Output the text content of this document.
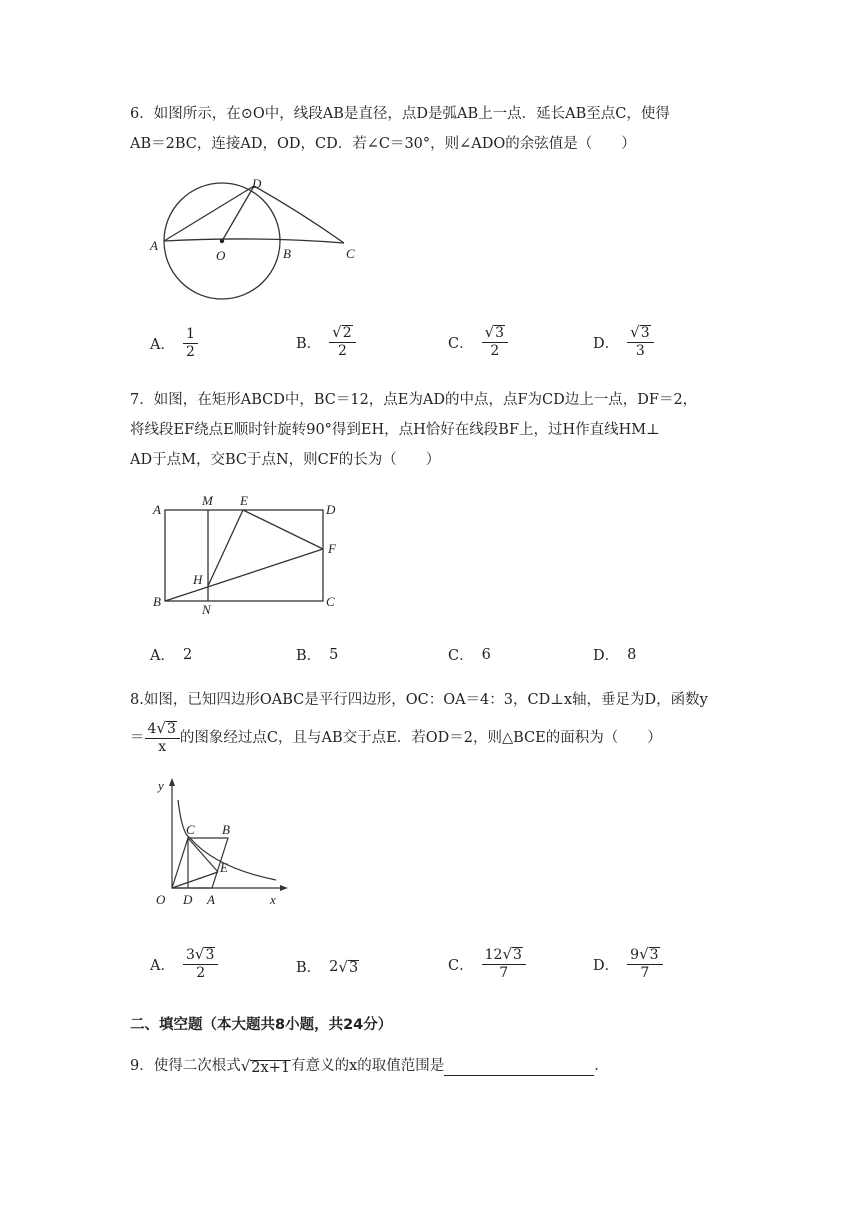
6．如图所示，在⊙O中，线段AB是直径，点D是弧AB上一点．延长AB至点C，使得
AB＝2BC，连接AD，OD，CD．若∠C＝30°，则∠ADO的余弦值是（　　）
A
O	B	C
D
A． $\frac{1}{2}$	B． $\frac{√ 2}{2}$	C． $\frac{√ 3}{2}$	D． $\frac{√ 3}{3}$
7．如图，在矩形ABCD中，BC＝12，点E为AD的中点，点F为CD边上一点，DF＝2，
将线段EF绕点E顺时针旋转90°得到EH，点H恰好在线段BF上，过H作直线HM⊥
AD于点M，交BC于点N，则CF的长为（　　）
A
M E
D
F
H
B
N
C
A． 2	B． 5	C． 6	D． 8
8.如图，已知四边形OABC是平行四边形，OC：OA＝4：3，CD⊥x轴，垂足为D，函数y
＝ $\frac{4 √ 3}{x}$ 的图象经过点C，且与AB交于点E．若OD＝2，则△BCE的面积为（　　）
y
x
O D A
C B
E
A． $\frac{3 √ 3}{2}$	B． 2 √ 3	C． $\frac{12 √ 3}{7}$	D． $\frac{9 √ 3}{7}$
二、填空题（本大题共8小题，共24分）
9．使得二次根式 √ 2x+1 有意义的x的取值范围是	．
